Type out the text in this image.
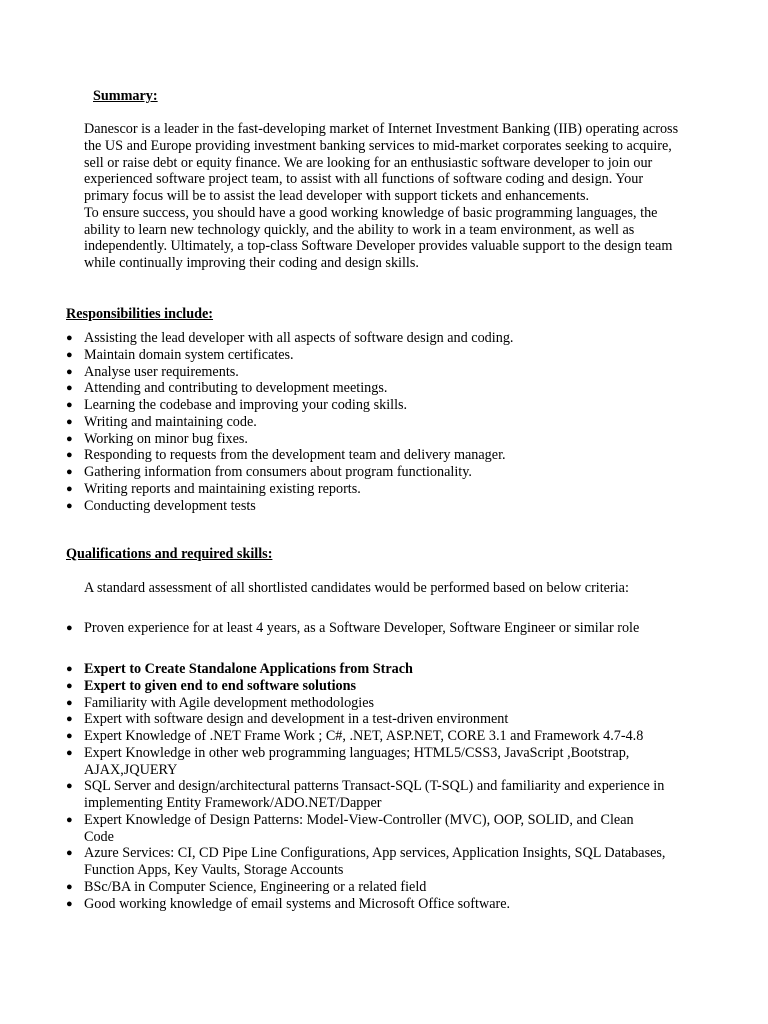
Summary:

Danescor is a leader in the fast-developing market of Internet Investment Banking (IIB) operating across the US and Europe providing investment banking services to mid-market corporates seeking to acquire, sell or raise debt or equity finance. We are looking for an enthusiastic software developer to join our experienced software project team, to assist with all functions of software coding and design. Your primary focus will be to assist the lead developer with support tickets and enhancements.

To ensure success, you should have a good working knowledge of basic programming languages, the ability to learn new technology quickly, and the ability to work in a team environment, as well as independently. Ultimately, a top-class Software Developer provides valuable support to the design team while continually improving their coding and design skills.

Responsibilities include:
● Assisting the lead developer with all aspects of software design and coding.
● Maintain domain system certificates.
● Analyse user requirements.
● Attending and contributing to development meetings.
● Learning the codebase and improving your coding skills.
● Writing and maintaining code.
● Working on minor bug fixes.
● Responding to requests from the development team and delivery manager.
● Gathering information from consumers about program functionality.
● Writing reports and maintaining existing reports.
● Conducting development tests
Qualifications and required skills:
A standard assessment of all shortlisted candidates would be performed based on below criteria:
● Proven experience for at least 4 years, as a Software Developer, Software Engineer or similar role
● Expert to Create Standalone Applications from Strach
● Expert to given end to end software solutions
● Familiarity with Agile development methodologies
● Expert with software design and development in a test-driven environment
● Expert Knowledge of .NET Frame Work ; C#, .NET, ASP.NET, CORE 3.1 and Framework 4.7-4.8
● Expert Knowledge in other web programming languages; HTML5/CSS3, JavaScript ,Bootstrap, AJAX,JQUERY
● SQL Server and design/architectural patterns Transact-SQL (T-SQL) and familiarity and experience in implementing Entity Framework/ADO.NET/Dapper
● Expert Knowledge of Design Patterns: Model-View-Controller (MVC), OOP, SOLID, and Clean Code
● Azure Services: CI, CD Pipe Line Configurations, App services, Application Insights, SQL Databases, Function Apps, Key Vaults, Storage Accounts
● BSc/BA in Computer Science, Engineering or a related field
● Good working knowledge of email systems and Microsoft Office software.
